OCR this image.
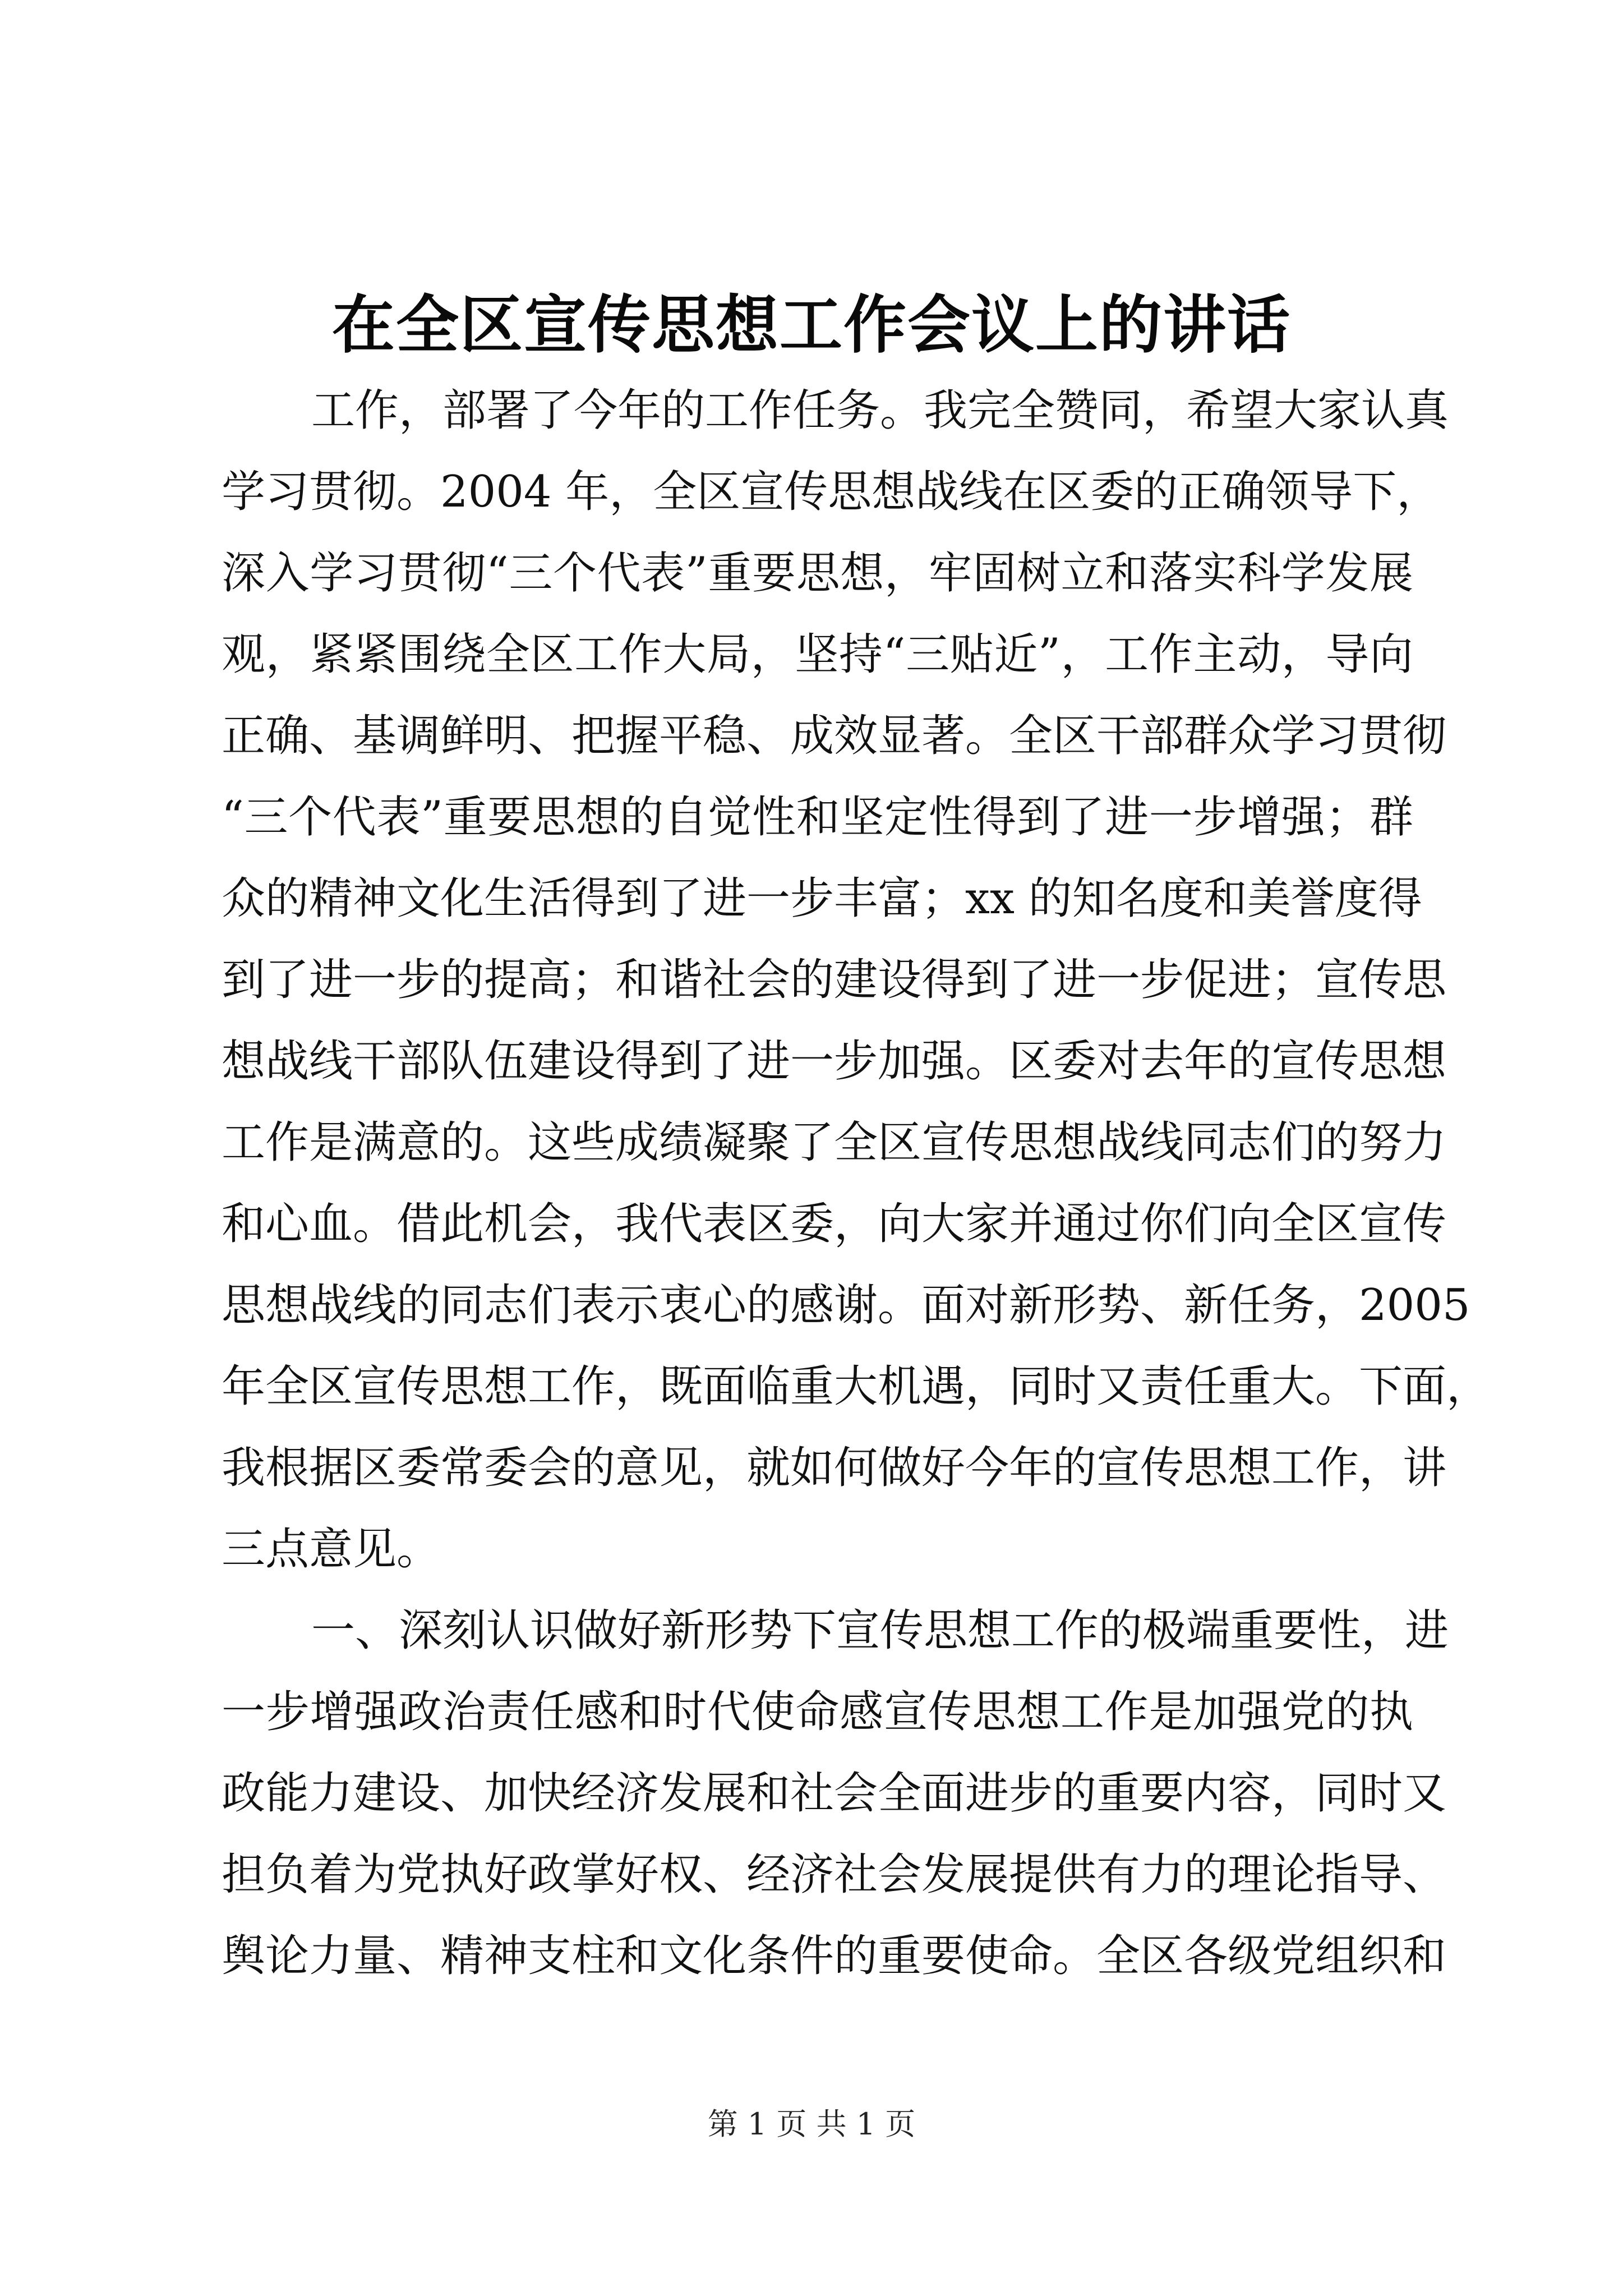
在全区宣传思想工作会议上的讲话
工作，部署了今年的工作任务。我完全赞同，希望大家认真
学习贯彻。2004 年，全区宣传思想战线在区委的正确领导下，
深入学习贯彻“三个代表”重要思想，牢固树立和落实科学发展
观，紧紧围绕全区工作大局，坚持“三贴近”，工作主动，导向
正确、基调鲜明、把握平稳、成效显著。全区干部群众学习贯彻
“三个代表”重要思想的自觉性和坚定性得到了进一步增强；群
众的精神文化生活得到了进一步丰富；xx 的知名度和美誉度得
到了进一步的提高；和谐社会的建设得到了进一步促进；宣传思
想战线干部队伍建设得到了进一步加强。区委对去年的宣传思想
工作是满意的。这些成绩凝聚了全区宣传思想战线同志们的努力
和心血。借此机会，我代表区委，向大家并通过你们向全区宣传
思想战线的同志们表示衷心的感谢。面对新形势、新任务，2005
年全区宣传思想工作，既面临重大机遇，同时又责任重大。下面，
我根据区委常委会的意见，就如何做好今年的宣传思想工作，讲
三点意见。
一、深刻认识做好新形势下宣传思想工作的极端重要性，进
一步增强政治责任感和时代使命感宣传思想工作是加强党的执
政能力建设、加快经济发展和社会全面进步的重要内容，同时又
担负着为党执好政掌好权、经济社会发展提供有力的理论指导、
舆论力量、精神支柱和文化条件的重要使命。全区各级党组织和
第 1 页 共 1 页
